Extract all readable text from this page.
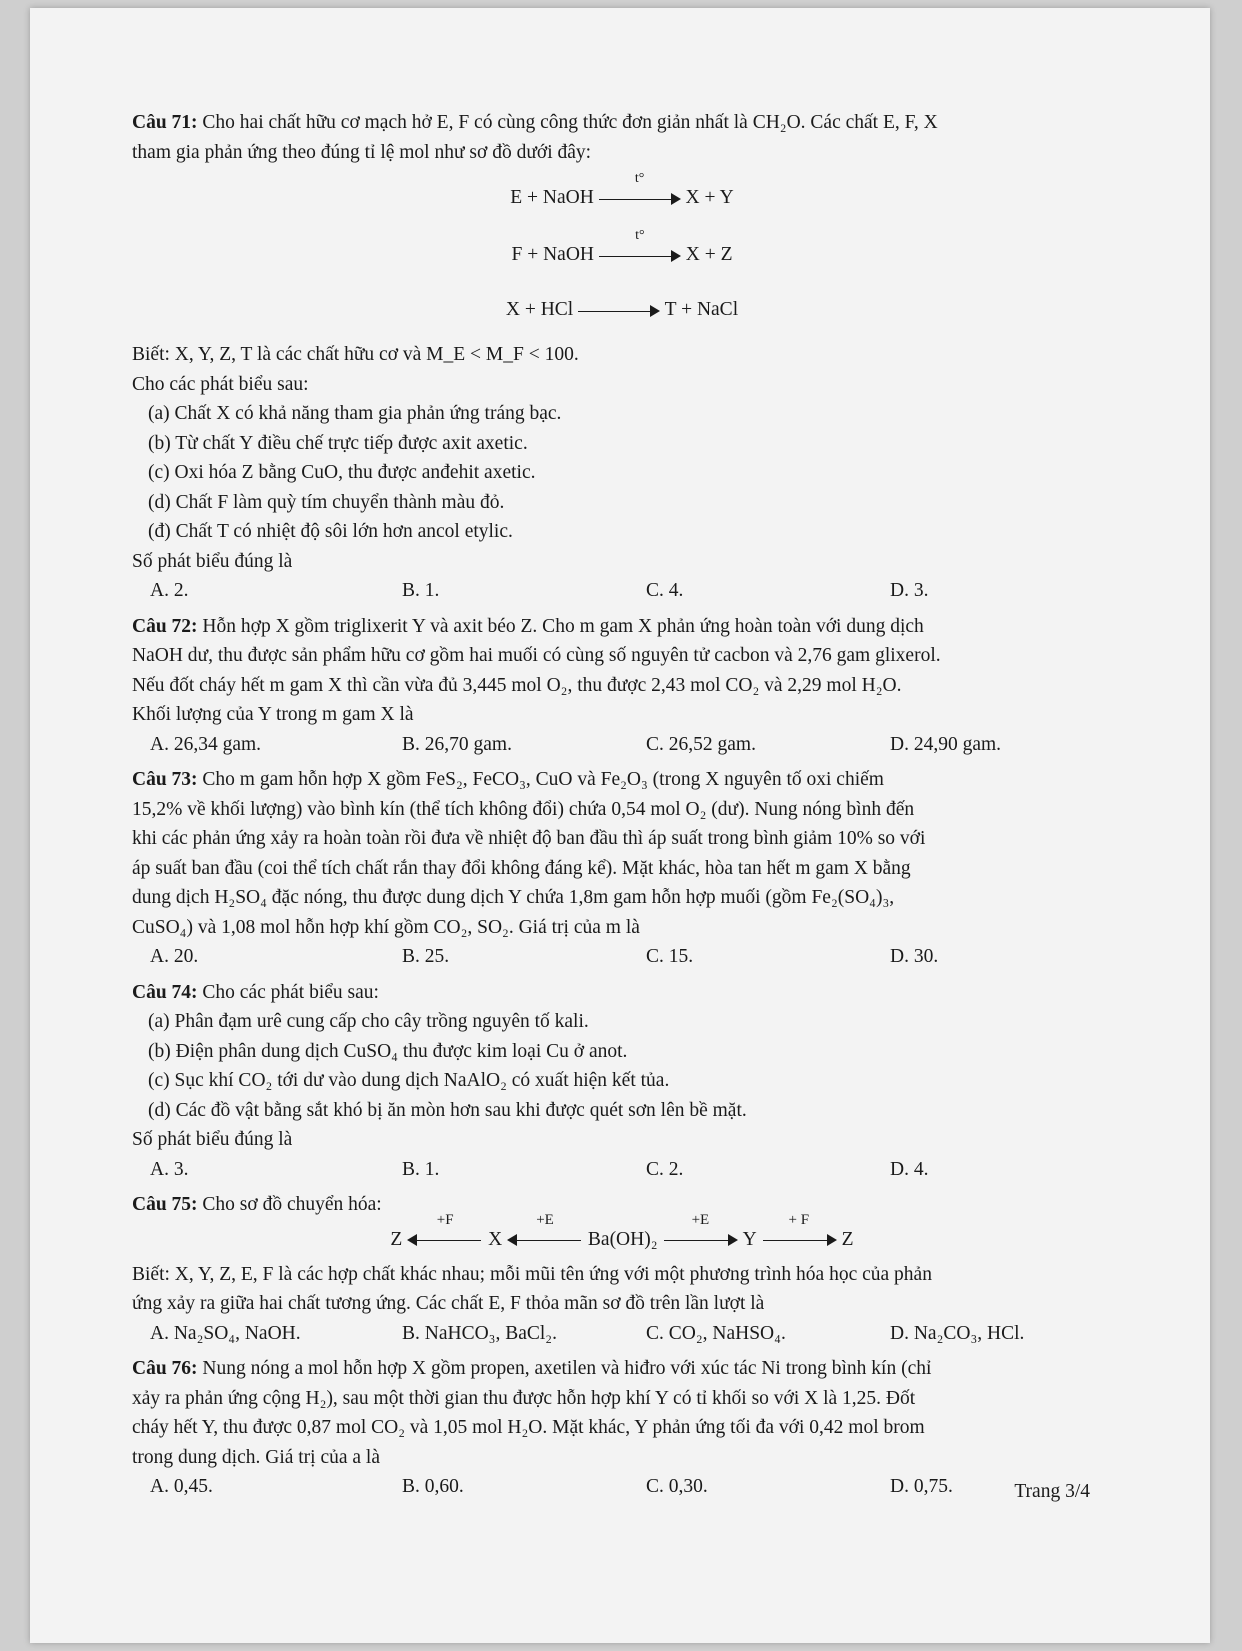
Câu 71: Cho hai chất hữu cơ mạch hở E, F có cùng công thức đơn giản nhất là CH₂O. Các chất E, F, X

tham gia phản ứng theo đúng tỉ lệ mol như sơ đồ dưới đây:

E + NaOH
t°
X + Y
F + NaOH
t°
X + Z
X + HCl	T + NaCl

Biết: X, Y, Z, T là các chất hữu cơ và M_E < M_F < 100.

Cho các phát biểu sau:

(a) Chất X có khả năng tham gia phản ứng tráng bạc.

(b) Từ chất Y điều chế trực tiếp được axit axetic.

(c) Oxi hóa Z bằng CuO, thu được anđehit axetic.

(d) Chất F làm quỳ tím chuyển thành màu đỏ.

(đ) Chất T có nhiệt độ sôi lớn hơn ancol etylic.

Số phát biểu đúng là

A. 2.	B. 1.	C. 4.	D. 3.

Câu 72: Hỗn hợp X gồm triglixerit Y và axit béo Z. Cho m gam X phản ứng hoàn toàn với dung dịch

NaOH dư, thu được sản phẩm hữu cơ gồm hai muối có cùng số nguyên tử cacbon và 2,76 gam glixerol.

Nếu đốt cháy hết m gam X thì cần vừa đủ 3,445 mol O₂, thu được 2,43 mol CO₂ và 2,29 mol H₂O.

Khối lượng của Y trong m gam X là

A. 26,34 gam.	B. 26,70 gam.	C. 26,52 gam.	D. 24,90 gam.

Câu 73: Cho m gam hỗn hợp X gồm FeS₂, FeCO₃, CuO và Fe₂O₃ (trong X nguyên tố oxi chiếm

15,2% về khối lượng) vào bình kín (thể tích không đổi) chứa 0,54 mol O₂ (dư). Nung nóng bình đến

khi các phản ứng xảy ra hoàn toàn rồi đưa về nhiệt độ ban đầu thì áp suất trong bình giảm 10% so với

áp suất ban đầu (coi thể tích chất rắn thay đổi không đáng kể). Mặt khác, hòa tan hết m gam X bằng

dung dịch H₂SO₄ đặc nóng, thu được dung dịch Y chứa 1,8m gam hỗn hợp muối (gồm Fe₂(SO₄)₃,

CuSO₄) và 1,08 mol hỗn hợp khí gồm CO₂, SO₂. Giá trị của m là

A. 20.	B. 25.	C. 15.	D. 30.

Câu 74: Cho các phát biểu sau:

(a) Phân đạm urê cung cấp cho cây trồng nguyên tố kali.

(b) Điện phân dung dịch CuSO₄ thu được kim loại Cu ở anot.

(c) Sục khí CO₂ tới dư vào dung dịch NaAlO₂ có xuất hiện kết tủa.

(d) Các đồ vật bằng sắt khó bị ăn mòn hơn sau khi được quét sơn lên bề mặt.

Số phát biểu đúng là

A. 3.	B. 1.	C. 2.	D. 4.

Câu 75: Cho sơ đồ chuyển hóa:

Z
+F
X
+E
Ba(OH)₂
+E
Y
+ F
Z

Biết: X, Y, Z, E, F là các hợp chất khác nhau; mỗi mũi tên ứng với một phương trình hóa học của phản

ứng xảy ra giữa hai chất tương ứng. Các chất E, F thỏa mãn sơ đồ trên lần lượt là

A. Na₂SO₄, NaOH.	B. NaHCO₃, BaCl₂.	C. CO₂, NaHSO₄.	D. Na₂CO₃, HCl.

Câu 76: Nung nóng a mol hỗn hợp X gồm propen, axetilen và hiđro với xúc tác Ni trong bình kín (chỉ

xảy ra phản ứng cộng H₂), sau một thời gian thu được hỗn hợp khí Y có tỉ khối so với X là 1,25. Đốt

cháy hết Y, thu được 0,87 mol CO₂ và 1,05 mol H₂O. Mặt khác, Y phản ứng tối đa với 0,42 mol brom

trong dung dịch. Giá trị của a là

A. 0,45.	B. 0,60.	C. 0,30.	D. 0,75.	Trang 3/4
